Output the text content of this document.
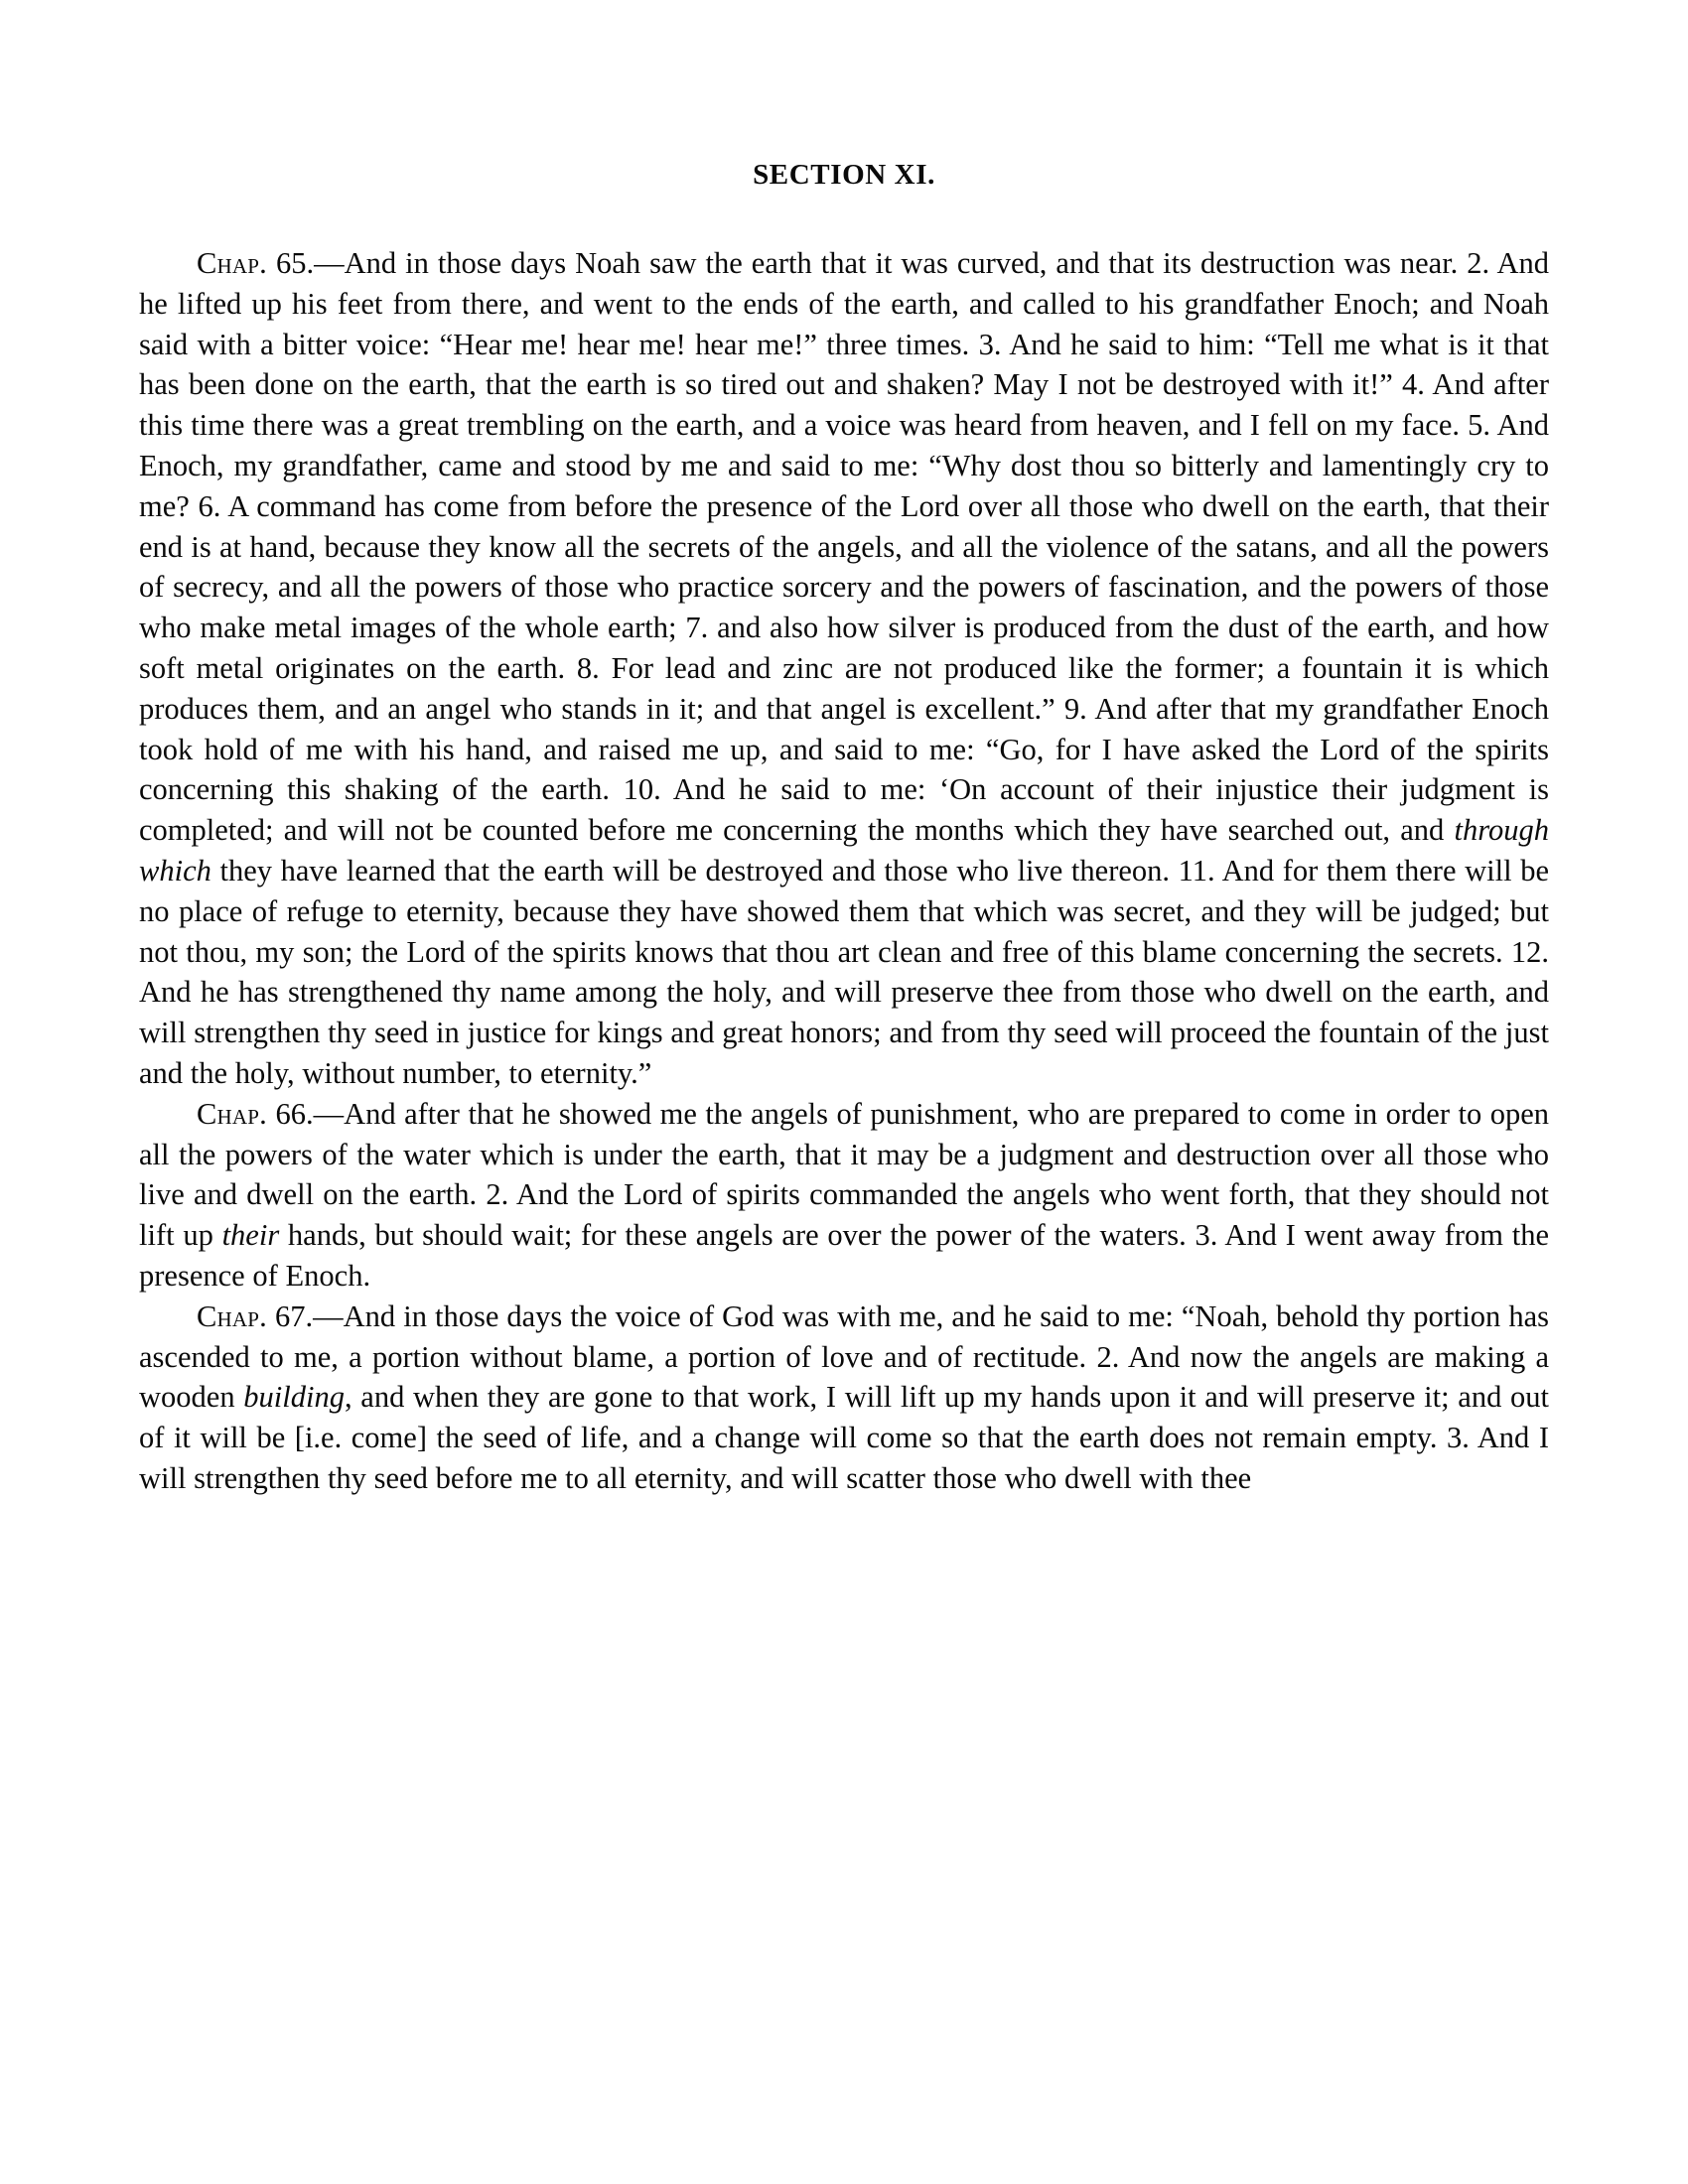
SECTION XI.

Chap. 65.—And in those days Noah saw the earth that it was curved, and that its destruction was near. 2. And he lifted up his feet from there, and went to the ends of the earth, and called to his grandfather Enoch; and Noah said with a bitter voice: “Hear me! hear me! hear me!” three times. 3. And he said to him: “Tell me what is it that has been done on the earth, that the earth is so tired out and shaken? May I not be destroyed with it!” 4. And after this time there was a great trembling on the earth, and a voice was heard from heaven, and I fell on my face. 5. And Enoch, my grandfather, came and stood by me and said to me: “Why dost thou so bitterly and lamentingly cry to me? 6. A command has come from before the presence of the Lord over all those who dwell on the earth, that their end is at hand, because they know all the secrets of the angels, and all the violence of the satans, and all the powers of secrecy, and all the powers of those who practice sorcery and the powers of fascination, and the powers of those who make metal images of the whole earth; 7. and also how silver is produced from the dust of the earth, and how soft metal originates on the earth. 8. For lead and zinc are not produced like the former; a fountain it is which produces them, and an angel who stands in it; and that angel is excellent.” 9. And after that my grandfather Enoch took hold of me with his hand, and raised me up, and said to me: “Go, for I have asked the Lord of the spirits concerning this shaking of the earth. 10. And he said to me: ‘On account of their injustice their judgment is completed; and will not be counted before me concerning the months which they have searched out, and through which they have learned that the earth will be destroyed and those who live thereon. 11. And for them there will be no place of refuge to eternity, because they have showed them that which was secret, and they will be judged; but not thou, my son; the Lord of the spirits knows that thou art clean and free of this blame concerning the secrets. 12. And he has strengthened thy name among the holy, and will preserve thee from those who dwell on the earth, and will strengthen thy seed in justice for kings and great honors; and from thy seed will proceed the fountain of the just and the holy, without number, to eternity.”

Chap. 66.—And after that he showed me the angels of punishment, who are prepared to come in order to open all the powers of the water which is under the earth, that it may be a judgment and destruction over all those who live and dwell on the earth. 2. And the Lord of spirits commanded the angels who went forth, that they should not lift up their hands, but should wait; for these angels are over the power of the waters. 3. And I went away from the presence of Enoch.

Chap. 67.—And in those days the voice of God was with me, and he said to me: “Noah, behold thy portion has ascended to me, a portion without blame, a portion of love and of rectitude. 2. And now the angels are making a wooden building, and when they are gone to that work, I will lift up my hands upon it and will preserve it; and out of it will be [i.e. come] the seed of life, and a change will come so that the earth does not remain empty. 3. And I will strengthen thy seed before me to all eternity, and will scatter those who dwell with thee
